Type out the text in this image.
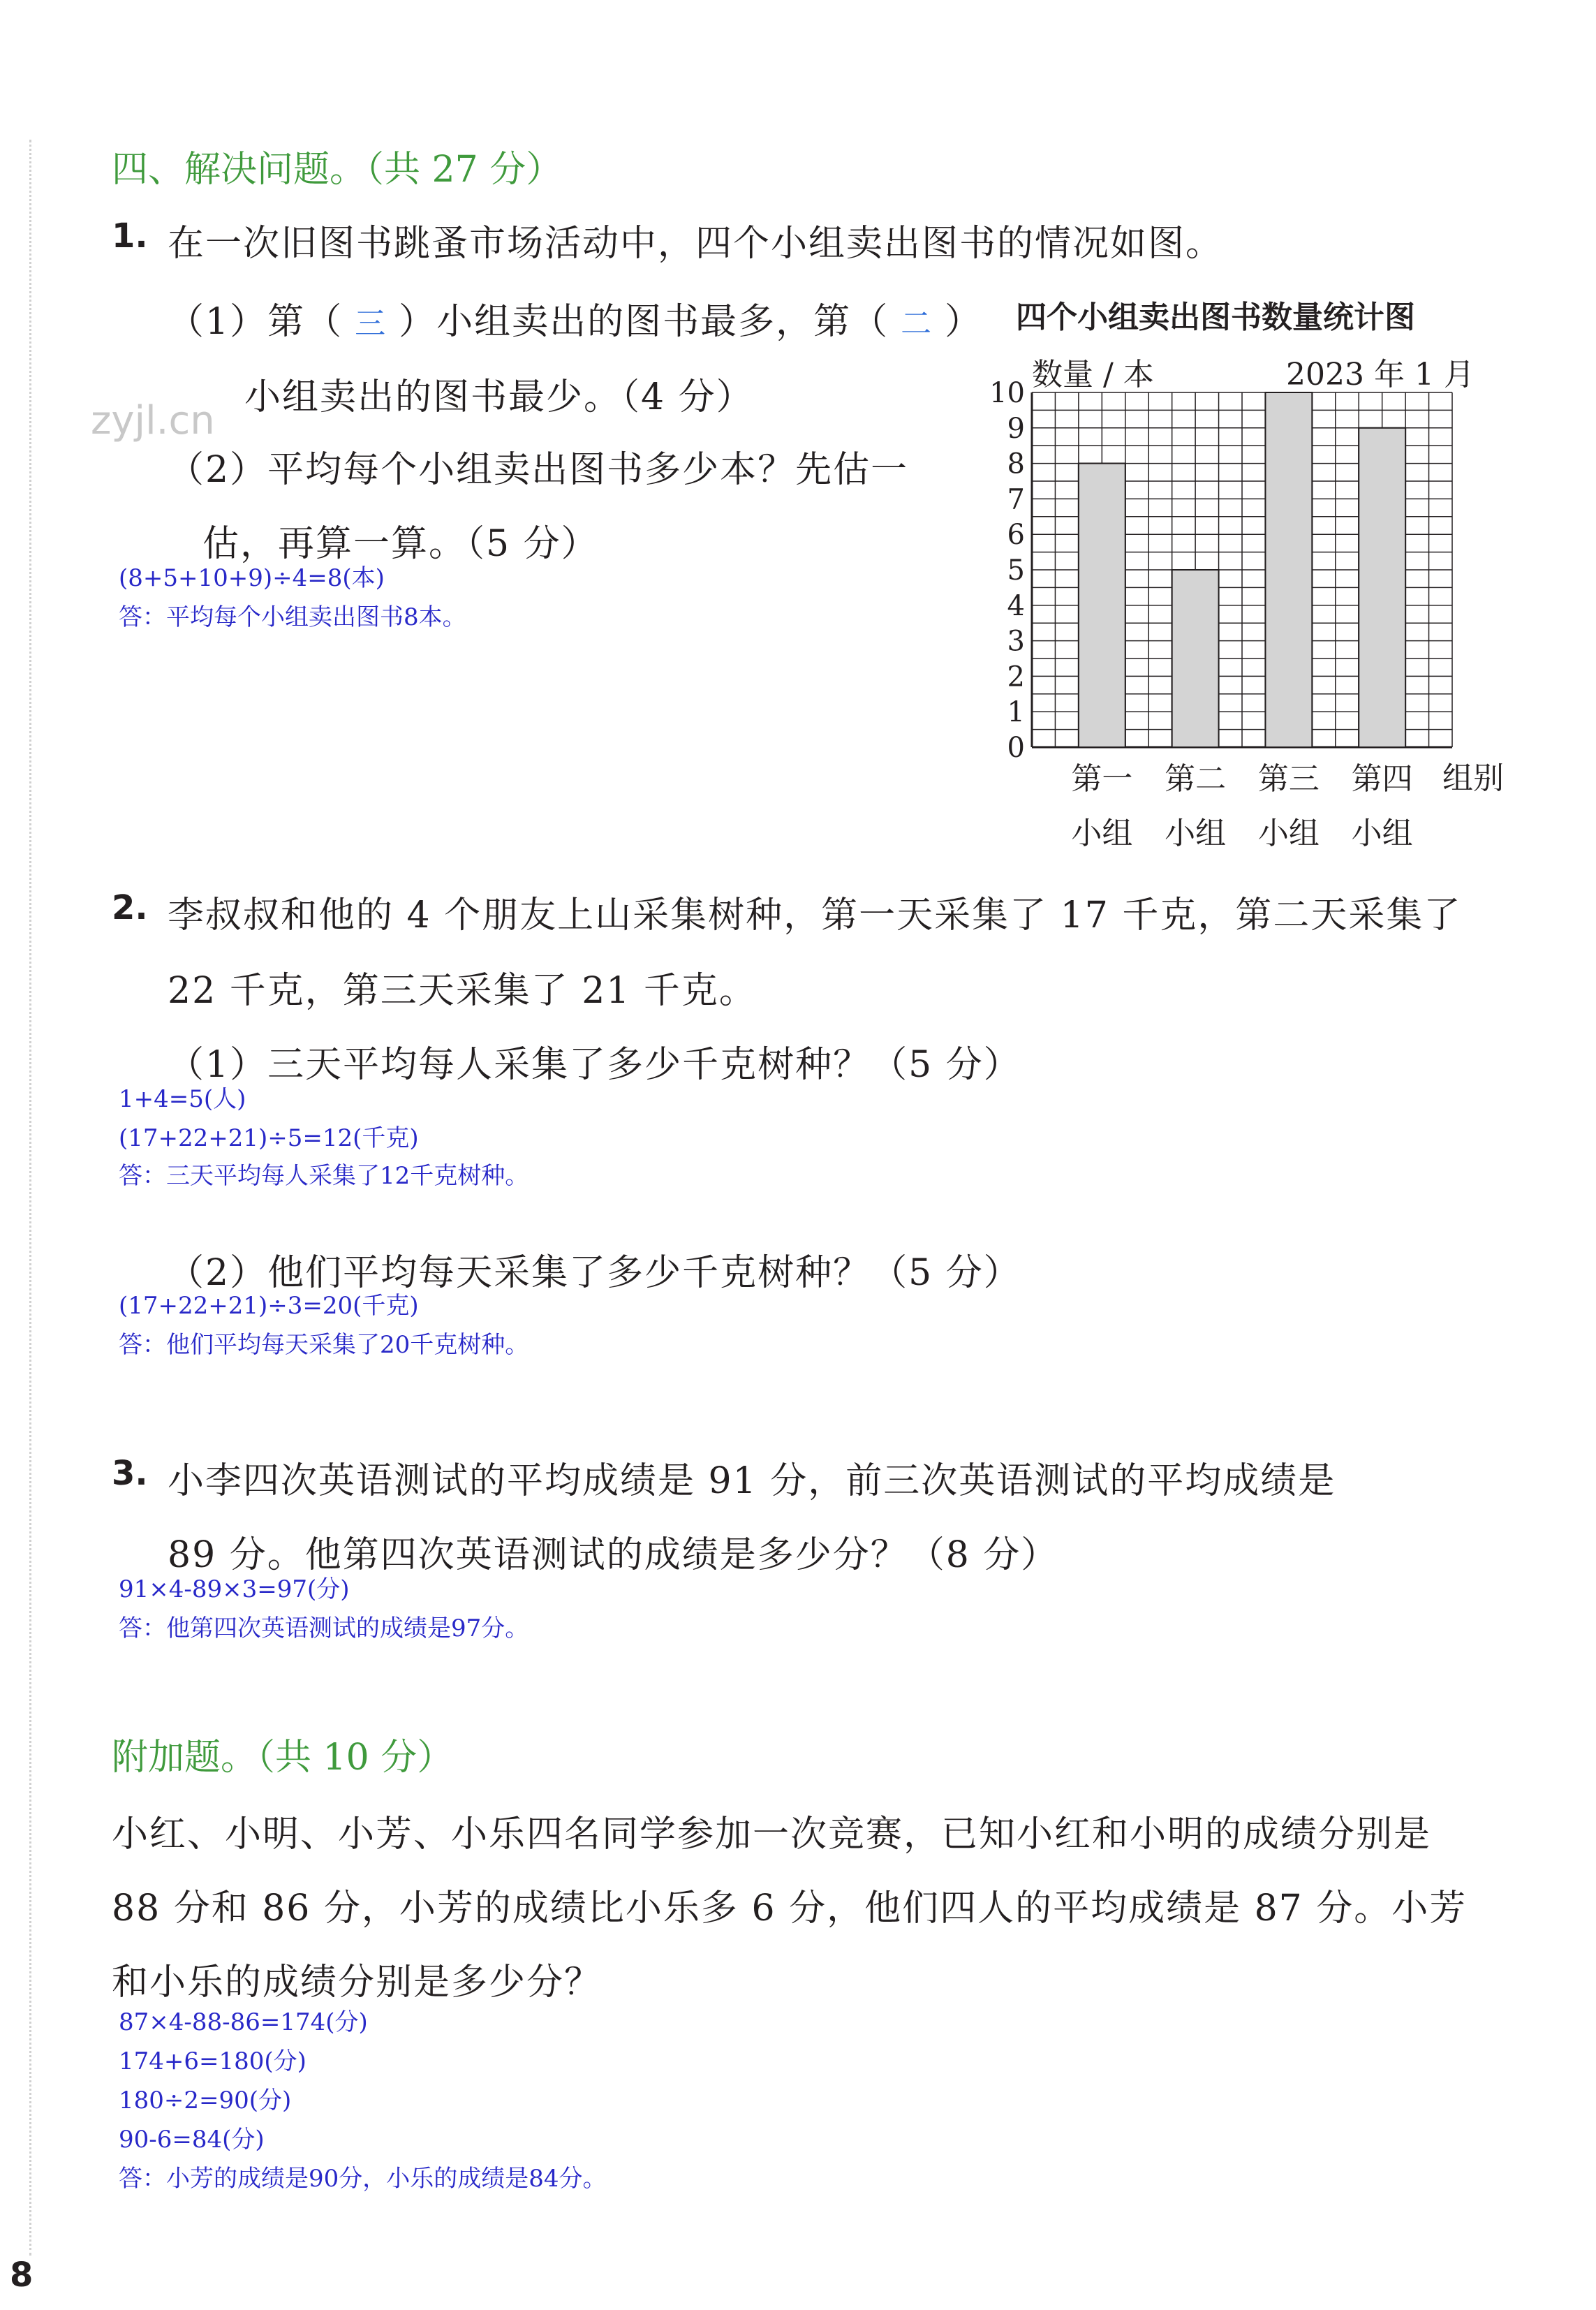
四、解决问题。（共 27 分）
1. 在一次旧图书跳蚤市场活动中，四个小组卖出图书的情况如图。
（1）第（ 三 ）小组卖出的图书最多，第（ 二 ）
小组卖出的图书最少。（4 分）
zyjl.cn
（2）平均每个小组卖出图书多少本？先估一
估，再算一算。（5 分）
(8+5+10+9)÷4=8(本)
答：平均每个小组卖出图书8本。
四个小组卖出图书数量统计图
数量 / 本	2023 年 1 月
组别
0
1
2
3
4
5
6
7
8
9
10
第一
小组
第二
小组
第三
小组
第四
小组
2. 李叔叔和他的 4 个朋友上山采集树种，第一天采集了 17 千克，第二天采集了
22 千克，第三天采集了 21 千克。
（1）三天平均每人采集了多少千克树种？（5 分）
1+4=5(人)
(17+22+21)÷5=12(千克)
答：三天平均每人采集了12千克树种。
（2）他们平均每天采集了多少千克树种？（5 分）
(17+22+21)÷3=20(千克)
答：他们平均每天采集了20千克树种。
3. 小李四次英语测试的平均成绩是 91 分，前三次英语测试的平均成绩是
89 分。他第四次英语测试的成绩是多少分？（8 分）
91×4-89×3=97(分)
答：他第四次英语测试的成绩是97分。
附加题。（共 10 分）
小红、小明、小芳、小乐四名同学参加一次竞赛，已知小红和小明的成绩分别是
88 分和 86 分，小芳的成绩比小乐多 6 分，他们四人的平均成绩是 87 分。小芳
和小乐的成绩分别是多少分？
87×4-88-86=174(分)
174+6=180(分)
180÷2=90(分)
90-6=84(分)
答：小芳的成绩是90分，小乐的成绩是84分。
8
